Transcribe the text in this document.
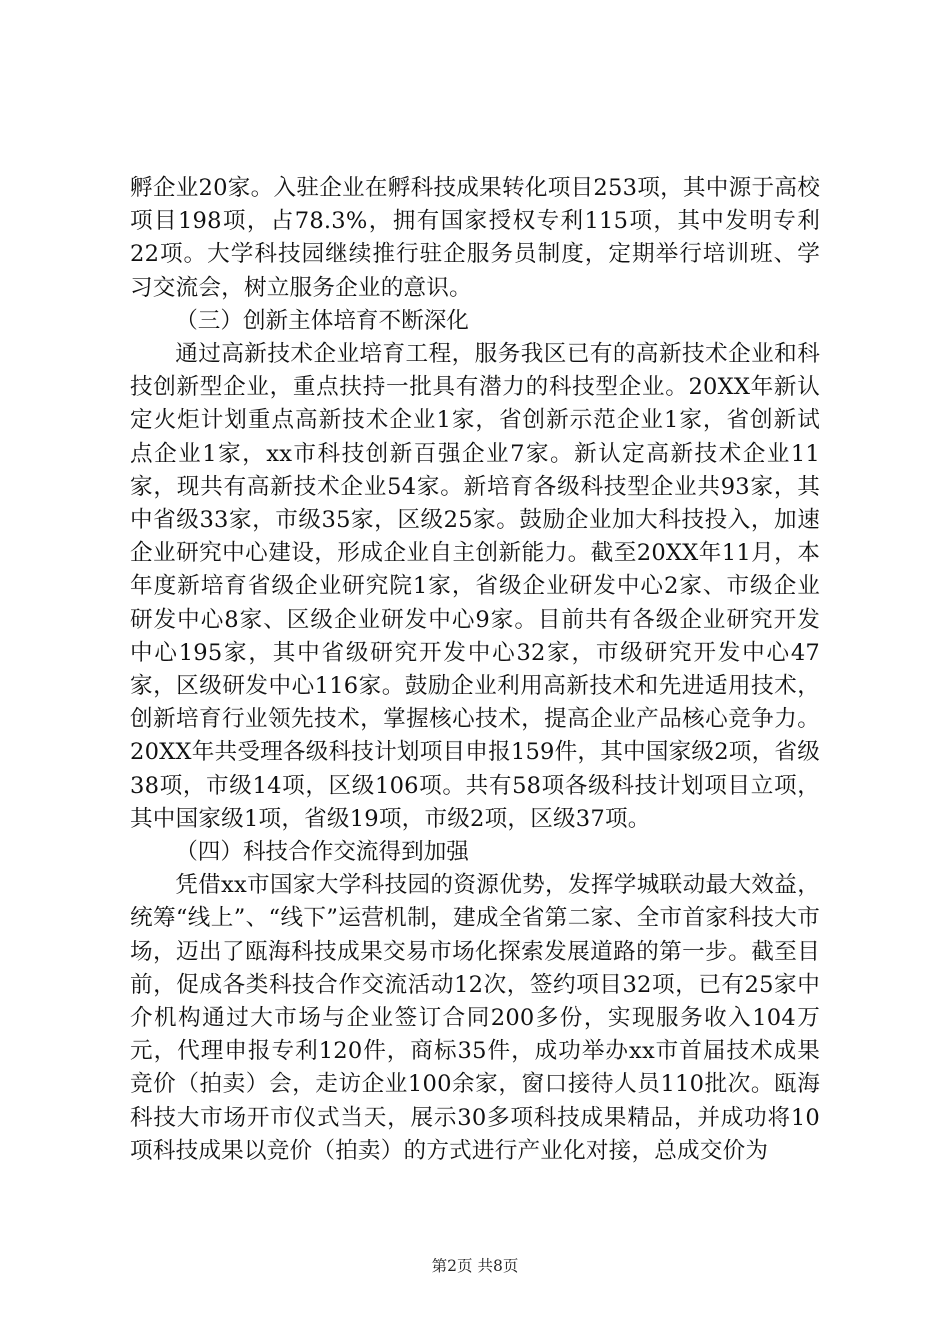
孵企业20家。入驻企业在孵科技成果转化项目253项，其中源于高校项目198项，占78.3%，拥有国家授权专利115项，其中发明专利22项。大学科技园继续推行驻企服务员制度，定期举行培训班、学习交流会，树立服务企业的意识。

（三）创新主体培育不断深化

通过高新技术企业培育工程，服务我区已有的高新技术企业和科技创新型企业，重点扶持一批具有潜力的科技型企业。20XX年新认定火炬计划重点高新技术企业1家，省创新示范企业1家，省创新试点企业1家，xx市科技创新百强企业7家。新认定高新技术企业11家，现共有高新技术企业54家。新培育各级科技型企业共93家，其中省级33家，市级35家，区级25家。鼓励企业加大科技投入，加速企业研究中心建设，形成企业自主创新能力。截至20XX年11月，本年度新培育省级企业研究院1家，省级企业研发中心2家、市级企业研发中心8家、区级企业研发中心9家。目前共有各级企业研究开发中心195家，其中省级研究开发中心32家，市级研究开发中心47家，区级研发中心116家。鼓励企业利用高新技术和先进适用技术，创新培育行业领先技术，掌握核心技术，提高企业产品核心竞争力。20XX年共受理各级科技计划项目申报159件，其中国家级2项，省级38项，市级14项，区级106项。共有58项各级科技计划项目立项，其中国家级1项，省级19项，市级2项，区级37项。

（四）科技合作交流得到加强

凭借xx市国家大学科技园的资源优势，发挥学城联动最大效益，统筹“线上”、“线下”运营机制，建成全省第二家、全市首家科技大市场，迈出了瓯海科技成果交易市场化探索发展道路的第一步。截至目前，促成各类科技合作交流活动12次，签约项目32项，已有25家中介机构通过大市场与企业签订合同200多份，实现服务收入104万元，代理申报专利120件，商标35件，成功举办xx市首届技术成果竞价（拍卖）会，走访企业100余家，窗口接待人员110批次。瓯海科技大市场开市仪式当天，展示30多项科技成果精品，并成功将10项科技成果以竞价（拍卖）的方式进行产业化对接，总成交价为

第2页 共8页
